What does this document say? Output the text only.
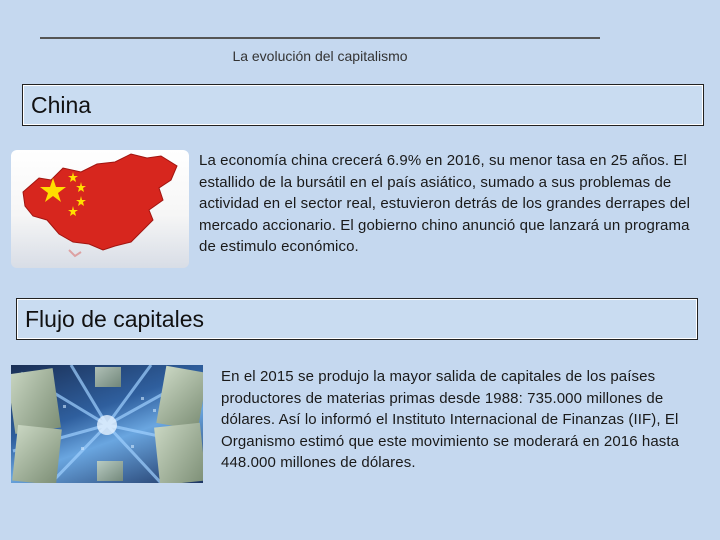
La evolución del capitalismo
China
La economía china crecerá 6.9% en 2016, su menor tasa en 25 años. El estallido de la bursátil en el país asiático, sumado a sus problemas de actividad en el sector real, estuvieron detrás de los grandes derrapes del mercado accionario. El gobierno chino anunció que lanzará un programa de estimulo económico.
Flujo de capitales
En el 2015 se produjo la mayor salida de capitales de los países productores de materias primas desde 1988: 735.000 millones de dólares. Así lo informó el Instituto Internacional de Finanzas (IIF), El Organismo estimó que este movimiento se moderará en 2016 hasta 448.000 millones de dólares.
